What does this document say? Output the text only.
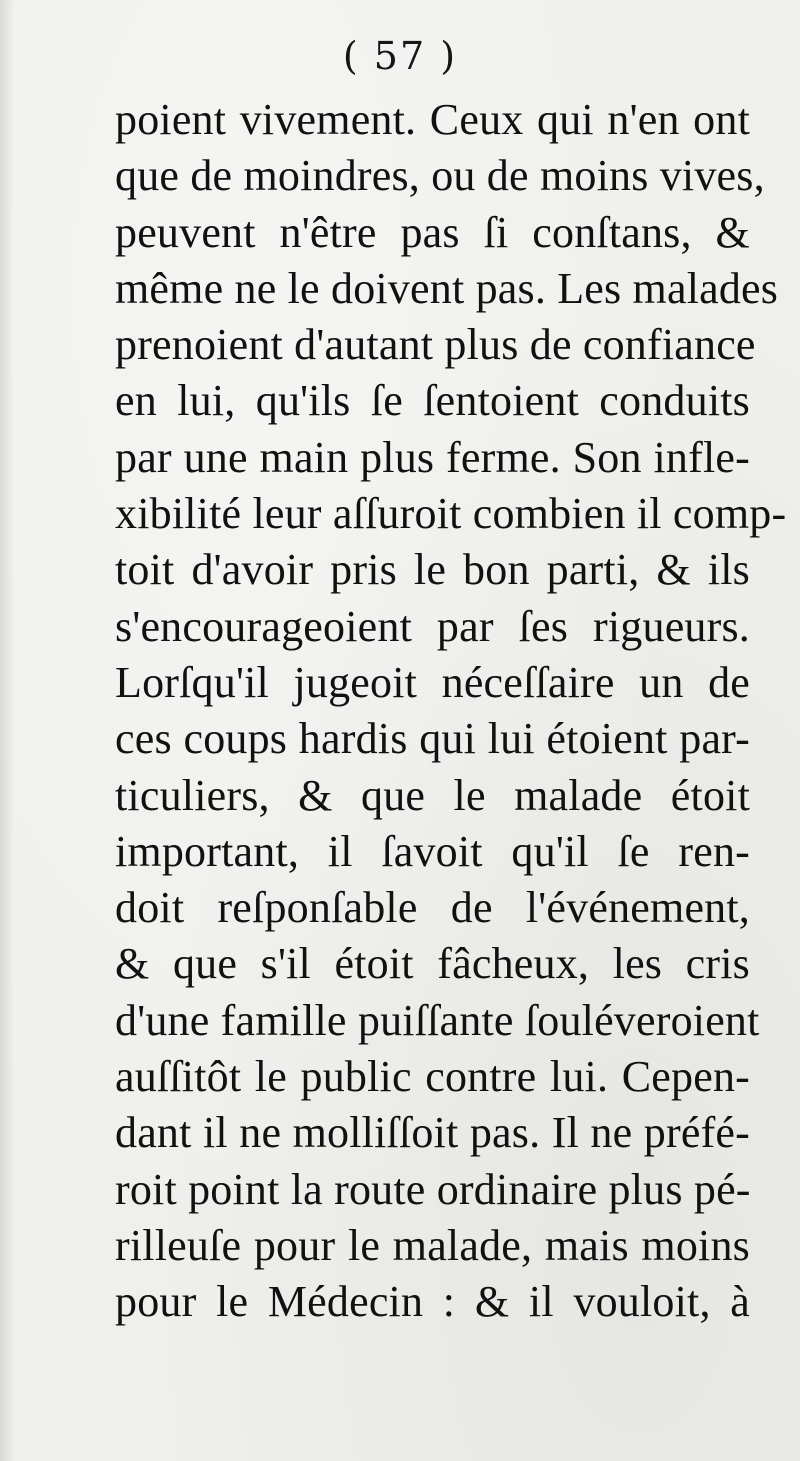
( 57 )
poient vivement. Ceux qui n'en ont
que de moindres, ou de moins vives,
peuvent n'être pas ſi conſtans, &
même ne le doivent pas. Les malades
prenoient d'autant plus de confiance
en lui, qu'ils ſe ſentoient conduits
par une main plus ferme. Son infle-
xibilité leur aſſuroit combien il comp-
toit d'avoir pris le bon parti, & ils
s'encourageoient par ſes rigueurs.
Lorſqu'il jugeoit néceſſaire un de
ces coups hardis qui lui étoient par-
ticuliers, & que le malade étoit
important, il ſavoit qu'il ſe ren-
doit reſponſable de l'événement,
& que s'il étoit fâcheux, les cris
d'une famille puiſſante ſouléveroient
auſſitôt le public contre lui. Cepen-
dant il ne molliſſoit pas. Il ne préfé-
roit point la route ordinaire plus pé-
rilleuſe pour le malade, mais moins
pour le Médecin : & il vouloit, à
